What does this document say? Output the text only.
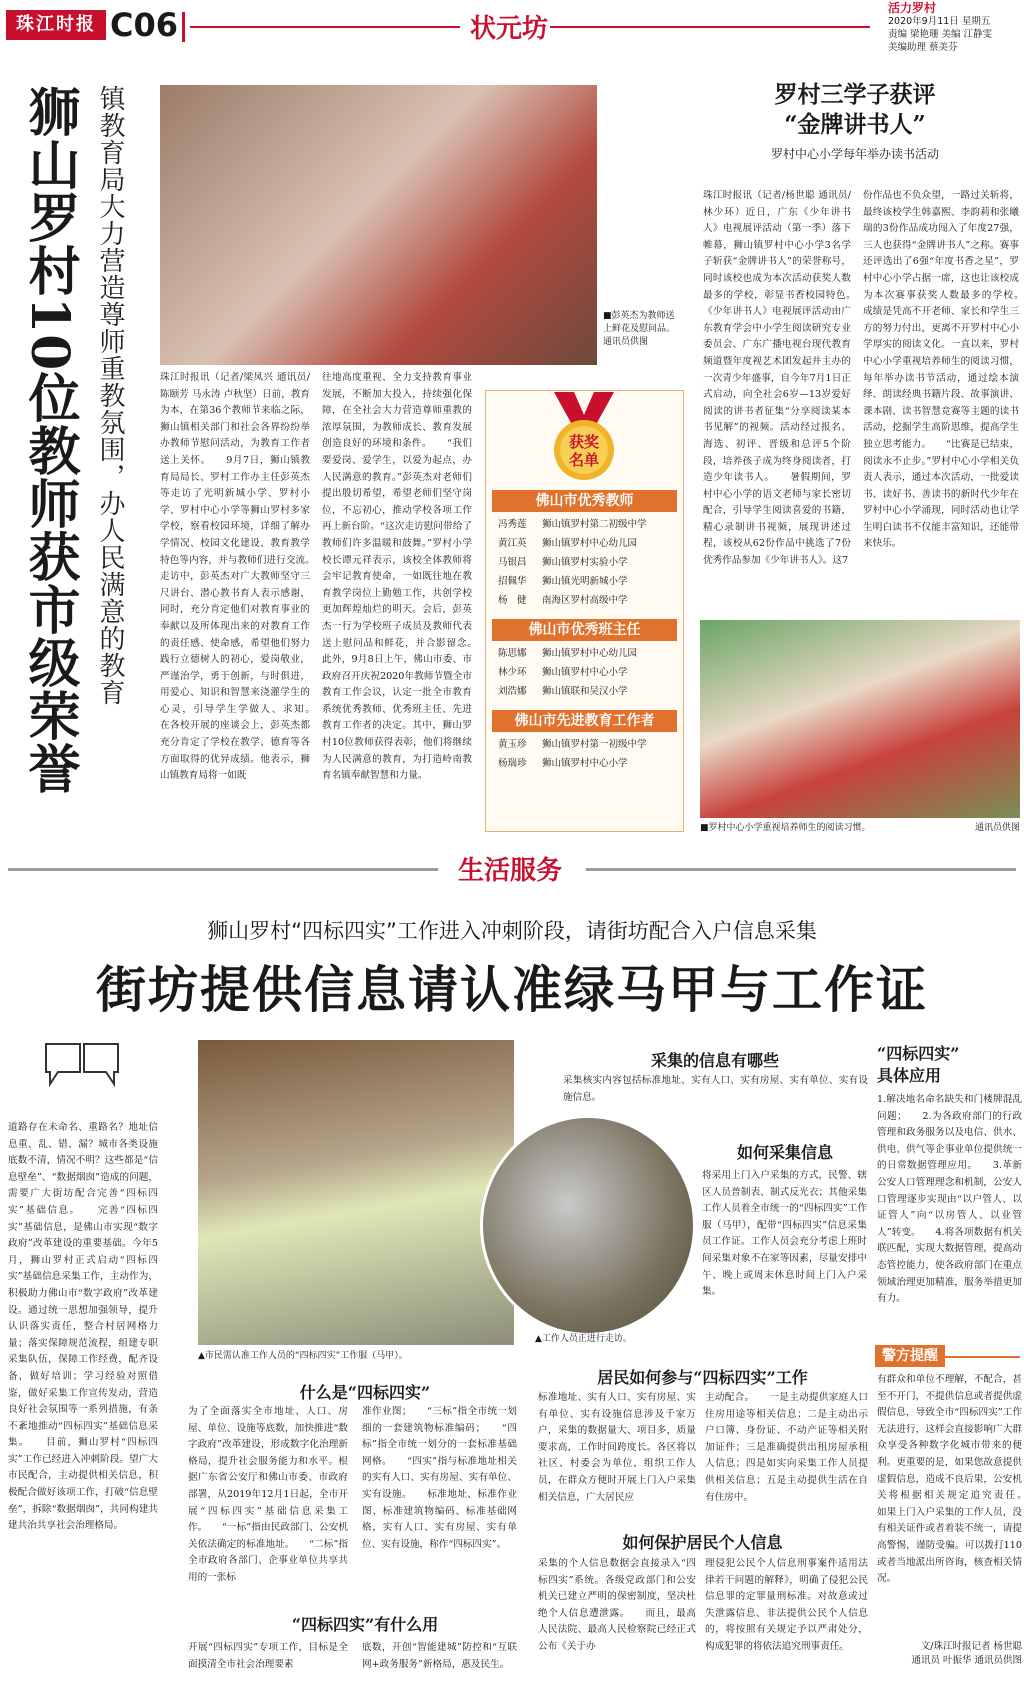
珠江时报 C06	状元坊
活力罗村
2020年9月11日 星期五
责编 梁艳珊 美编 江静雯
美编助理 蔡美芬
狮山罗村10位教师获市级荣誉 镇教育局大力营造尊师重教氛围，办人民满意的教育	■彭英杰为教师送上鲜花及慰问品。通讯员供图
珠江时报讯（记者/梁凤兴 通讯员/陈颐芳 马永涛 卢秋坚）日前，教育为本，在第36个教师节来临之际，狮山镇相关部门和社会各界纷纷举办教师节慰问活动，为教育工作者送上关怀。　　9月7日，狮山镇教育局局长、罗村工作办主任彭英杰等走访了光明新城小学、罗村小学、罗村中心小学等狮山罗村多家学校，察看校园环境，详细了解办学情况、校园文化建设、教育教学特色等内容，并与教师们进行交流。　　走访中，彭英杰对广大教师坚守三尺讲台、潜心教书育人表示感谢，同时，充分肯定他们对教育事业的奉献以及所体现出来的对教育工作的责任感、使命感，希望他们努力践行立德树人的初心，爱岗敬业，严谨治学，勇于创新，与时俱进，用爱心、知识和智慧来浇灌学生的心灵，引导学生学做人、求知。　　在各校开展的座谈会上，彭英杰都充分肯定了学校在教学、德育等各方面取得的优异成绩。他表示，狮山镇教育局将一如既
往地高度重视、全力支持教育事业发展，不断加大投入，持续强化保障，在全社会大力营造尊师重教的浓厚氛围，为教师成长、教育发展创造良好的环境和条件。　　“我们要爱岗、爱学生，以爱为起点，办人民满意的教育。”彭英杰对老师们提出殷切希望，希望老师们坚守岗位，不忘初心，推动学校各项工作再上新台阶。“这次走访慰问带给了教师们许多温暖和鼓舞。”罗村小学校长谭元祥表示，该校全体教师将会牢记教育使命，一如既往地在教育教学岗位上勤勉工作，共创学校更加辉煌灿烂的明天。会后，彭英杰一行为学校班子成员及教师代表送上慰问品和鲜花，并合影留念。　　此外，9月8日上午，佛山市委、市政府召开庆祝2020年教师节暨全市教育工作会议，认定一批全市教育系统优秀教师、优秀班主任、先进教育工作者的决定。其中，狮山罗村10位教师获得表彰，他们将继续为人民满意的教育，为打造岭南教育名镇奉献智慧和力量。
获奖
名单
佛山市优秀教师
冯秀莲	狮山镇罗村第二初级中学
黄江英	狮山镇罗村中心幼儿园
马银昌	狮山镇罗村实验小学
招佩华	狮山镇光明新城小学
杨　健	南海区罗村高级中学
佛山市优秀班主任
陈思娜	狮山镇罗村中心幼儿园
林少环	狮山镇罗村中心小学
刘浩娜	狮山镇联和吴汉小学
佛山市先进教育工作者
黄玉珍	狮山镇罗村第一初级中学
杨瑞珍	狮山镇罗村中心小学
罗村三学子获评
“金牌讲书人”
罗村中心小学每年举办读书活动
珠江时报讯（记者/杨世聪 通讯员/林少环）近日，广东《少年讲书人》电视展评活动（第一季）落下帷幕，狮山镇罗村中心小学3名学子斩获“金牌讲书人”的荣誉称号，同时该校也成为本次活动获奖人数最多的学校，彰显书香校园特色。　　《少年讲书人》电视展评活动由广东教育学会中小学生阅读研究专业委员会、广东广播电视台现代教育频道暨年度视艺术团发起并主办的一次青少年盛事，自今年7月1日正式启动，向全社会6岁—13岁爱好阅读的讲书者征集“分享阅读某本书见解”的视频。活动经过报名、海选、初评、晋级和总评5个阶段，培养孩子成为终身阅读者，打造少年读书人。　　暑假期间，罗村中心小学的语文老师与家长密切配合，引导学生阅读喜爱的书籍，精心录制讲书视频，展现讲述过程，该校从62份作品中挑选了7份优秀作品参加《少年讲书人》。这7
份作品也不负众望，一路过关斩将，最终该校学生韩嘉熙、李韵莉和张曦瑞的3份作品成功闯入了年度27强，三人也获得“金牌讲书人”之称。赛事还评选出了6强“年度书香之星”，罗村中心小学占据一席，这也让该校成为本次赛事获奖人数最多的学校。　　成绩是凭高不开老师、家长和学生三方的努力付出，更离不开罗村中心小学厚实的阅读文化。一直以来，罗村中心小学重视培养师生的阅读习惯，每年举办读书节活动，通过绘本演绎、朗读经典书籍片段、故事演讲、课本剧、读书智慧竞赛等主题的读书活动，挖掘学生高阶思维，提高学生独立思考能力。　　“比赛是已结束，阅读永不止步。”罗村中心小学相关负责人表示，通过本次活动，一批爱读书、读好书、善读书的新时代少年在罗村中心小学涌现，同时活动也让学生明白读书不仅能丰富知识，还能带来快乐。
■罗村中心小学重视培养师生的阅读习惯。	通讯员供图
生活服务
狮山罗村“四标四实”工作进入冲刺阶段，请街坊配合入户信息采集
街坊提供信息请认准绿马甲与工作证
道路存在未命名、重路名？地址信息重、乱、错、漏？城市各类设施底数不清，情况不明？这些都是“信息壁垒”、“数据烟囱”造成的问题，需要广大街坊配合完善“四标四实”基础信息。　　完善“四标四实”基础信息，是佛山市实现“数字政府”改革建设的重要基础。今年5月，狮山罗村正式启动“四标四实”基础信息采集工作，主动作为，积极助力佛山市“数字政府”改革建设。通过统一思想加强领导，提升认识落实责任，整合村居网格力量；落实保障规范流程，组建专职采集队伍，保障工作经费，配齐设备，做好培训；学习经验对照借鉴，做好采集工作宣传发动，营造良好社会氛围等一系列措施，有条不紊地推动“四标四实”基础信息采集。　　目前，狮山罗村“四标四实”工作已经进入冲刺阶段。望广大市民配合，主动提供相关信息，积极配合做好该项工作，打破“信息壁垒”，拆除“数据烟囱”，共同构建共建共治共享社会治理格局。
▲市民需认准工作人员的“四标四实”工作服（马甲）。
▲工作人员正进行走访。
采集的信息有哪些
采集核实内容包括标准地址、实有人口、实有房屋、实有单位、实有设施信息。
如何采集信息
将采用上门入户采集的方式，民警、辖区人员普制表、制式反光衣；其他采集工作人员着全市统一的“四标四实”工作服（马甲），配带“四标四实”信息采集员工作证。工作人员会充分考虑上班时间采集对象不在家等因素，尽量安排中午、晚上或周末休息时间上门入户采集。
什么是“四标四实”
为了全面落实全市地址、人口、房屋、单位、设施等底数，加快推进“数字政府”改革建设，形成数字化治理新格局，提升社会服务能力和水平。根据广东省公安厅和佛山市委、市政府部署，从2019年12月1日起，全市开展“四标四实”基础信息采集工作。　　“一标”指由民政部门、公安机关依法确定的标准地址。　　“二标”指全市政府各部门、企事业单位共享共用的一张标
准作业图；　　“三标”指全市统一划细的一套建筑物标准编码；　　“四标”指全市统一划分的一套标准基础网格。　　“四实”指与标准地址相关的实有人口、实有房屋、实有单位、实有设施。　　标准地址、标准作业图、标准建筑物编码、标准基础网格，实有人口、实有房屋、实有单位、实有设施，称作“四标四实”。
“四标四实”有什么用
开展“四标四实”专项工作，目标是全面摸清全市社会治理要素
底数，开创“智能建城”防控和“互联网+政务服务”新格局，惠及民生。
居民如何参与“四标四实”工作
标准地址、实有人口、实有房屋、实有单位、实有设施信息涉及千家万户，采集的数据量大、项目多，质量要求高，工作时间跨度长。各区将以社区、村委会为单位，组织工作人员，在群众方便时开展上门入户采集相关信息，广大居民应
主动配合。　　一是主动提供家庭人口住房用途等相关信息；二是主动出示户口簿、身份证、不动产证等相关附加证件；三是准确提供出租房屋承租人信息；四是如实向采集工作人员提供相关信息；五是主动提供生活在自有住房中。
如何保护居民个人信息
采集的个人信息数据会直接录入“四标四实”系统。各级党政部门和公安机关已建立严明的保密制度，坚决杜绝个人信息遭泄露。　　而且，最高人民法院、最高人民检察院已经正式公布《关于办
理侵犯公民个人信息刑事案件适用法律若干问题的解释》，明确了侵犯公民信息罪的定罪量刑标准。对故意或过失泄露信息、非法提供公民个人信息的，将按照有关规定予以严肃处分，构成犯罪的将依法追究刑事责任。
“四标四实”
具体应用
1.解决地名命名缺失和门楼牌混乱问题；　　2.为各政府部门的行政管理和政务服务以及电信、供水、供电、供气等企事业单位提供统一的日常数据管理应用。　　3.革新公安人口管理理念和机制，公安人口管理逐步实现由“以户管人、以证管人”向“以房管人、以业管人”转变。　　4.将各项数据有机关联匹配，实现大数据管理，提高动态管控能力，使各政府部门在重点领域治理更加精准，服务举措更加有力。
警方提醒
有群众和单位不理解，不配合，甚至不开门，不提供信息或者提供虚假信息，导致全市“四标四实”工作无法进行，这样会直接影响广大群众享受各种数字化城市带来的便利。更重要的是，如果您故意提供虚假信息，造成不良后果，公安机关将根据相关规定追究责任。　　如果上门入户采集的工作人员，没有相关证件或者着装不统一，请提高警惕，谨防受骗。可以拨打110或者当地派出所咨询，核查相关情况。
文/珠江时报记者 杨世聪
通讯员 叶振华 通讯员供图
